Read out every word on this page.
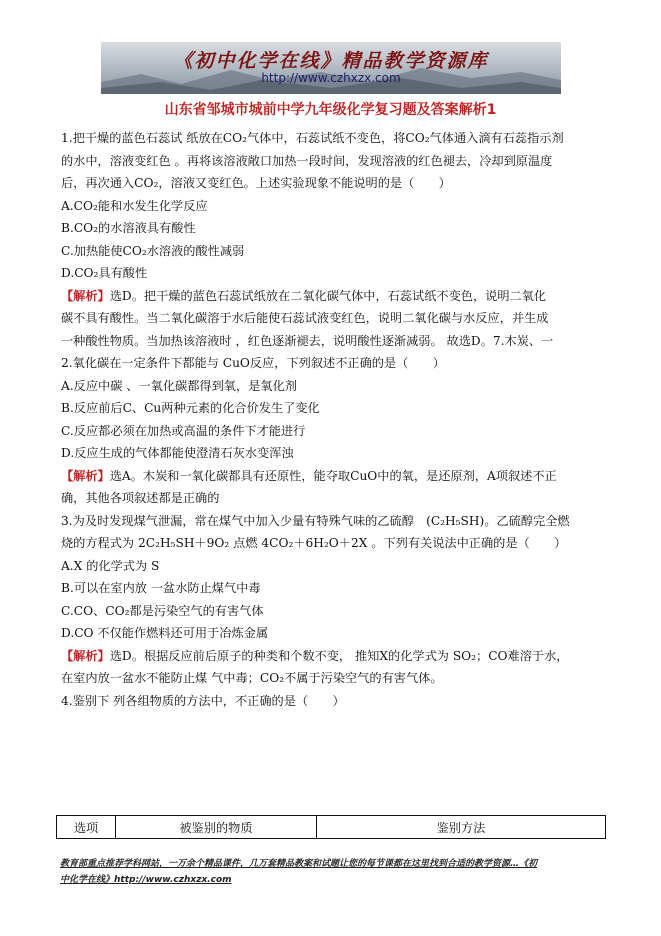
《初中化学在线》精品教学资源库
http://www.czhxzx.com
山东省邹城市城前中学九年级化学复习题及答案解析1
1.把干燥的蓝色石蕊试 纸放在CO₂气体中，石蕊试纸不变色，将CO₂气体通入滴有石蕊指示剂
的水中，溶液变红色 。再将该溶液敞口加热一段时间，发现溶液的红色褪去，冷却到原温度
后，再次通入CO₂，溶液又变红色。上述实验现象不能说明的是（　　）
A.CO₂能和水发生化学反应
B.CO₂的水溶液具有酸性
C.加热能使CO₂水溶液的酸性减弱
D.CO₂具有酸性
【解析】选D。把干燥的蓝色石蕊试纸放在二氧化碳气体中，石蕊试纸不变色，说明二氧化
碳不具有酸性。当二氧化碳溶于水后能使石蕊试液变红色，说明二氧化碳与水反应，并生成
一种酸性物质。当加热该溶液时 ，红色逐渐褪去，说明酸性逐渐减弱。 故选D。7.木炭、一
2.氧化碳在一定条件下都能与 CuO反应，下列叙述不正确的是（　　）
A.反应中碳 、一氧化碳都得到氧，是氧化剂
B.反应前后C、Cu两种元素的化合价发生了变化
C.反应都必须在加热或高温的条件下才能进行
D.反应生成的气体都能使澄清石灰水变浑浊
【解析】选A。木炭和一氧化碳都具有还原性，能夺取CuO中的氧，是还原剂，A项叙述不正
确，其他各项叙述都是正确的
3.为及时发现煤气泄漏，常在煤气中加入少量有特殊气味的乙硫醇　(C₂H₅SH)。乙硫醇完全燃
烧的方程式为 2C₂H₅SH＋9O₂ 点燃 4CO₂＋6H₂O＋2X 。下列有关说法中正确的是（　　）
A.X 的化学式为 S
B.可以在室内放 一盆水防止煤气中毒
C.CO、CO₂都是污染空气的有害气体
D.CO 不仅能作燃料还可用于冶炼金属
【解析】选D。根据反应前后原子的种类和个数不变， 推知X的化学式为 SO₂；CO难溶于水，
在室内放一盆水不能防止煤 气中毒；CO₂不属于污染空气的有害气体。
4.鉴别下 列各组物质的方法中，不正确的是（　　）
选项	被鉴别的物质	鉴别方法
教育部重点推荐学科网站，一万余个精品课件，几万套精品教案和试题让您的每节课都在这里找到合适的教学资源…《初
中化学在线》http://www.czhxzx.com
